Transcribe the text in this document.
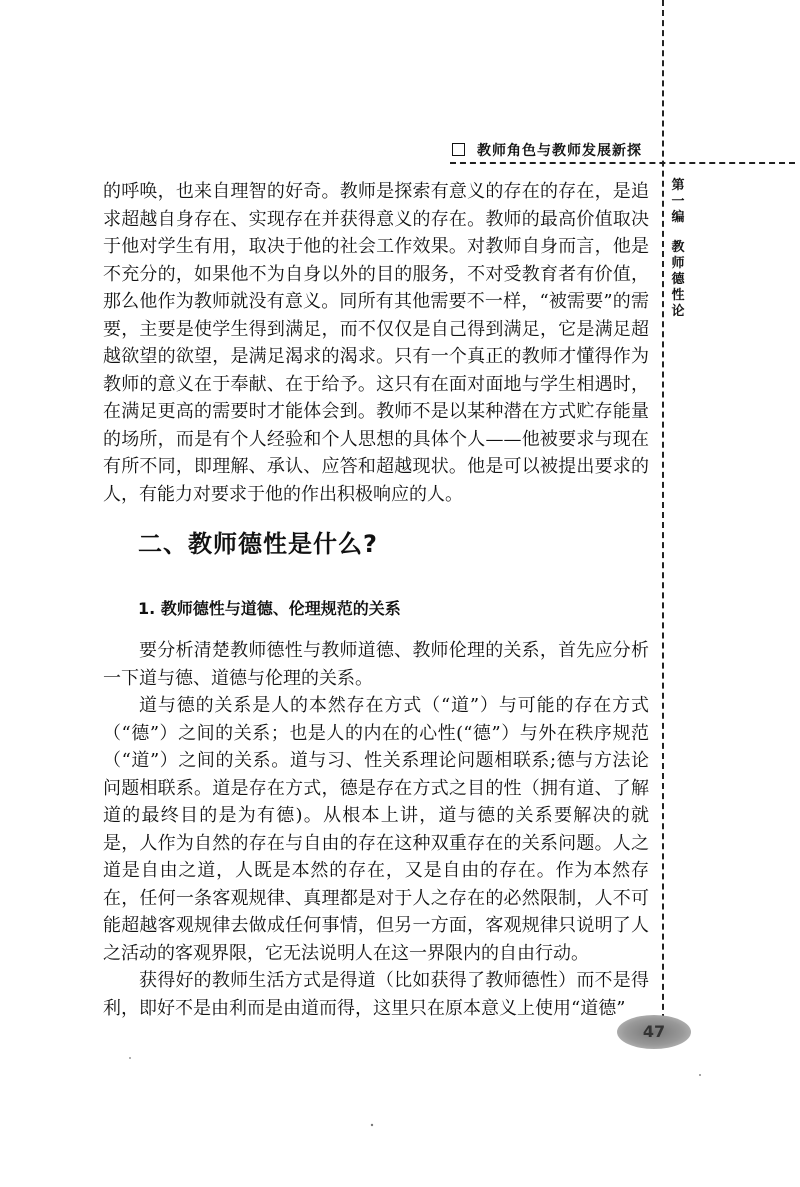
教师角色与教师发展新探
第一编
教师德性论

的呼唤，也来自理智的好奇。教师是探索有意义的存在的存在，是追求超越自身存在、实现存在并获得意义的存在。教师的最高价值取决于他对学生有用，取决于他的社会工作效果。对教师自身而言，他是不充分的，如果他不为自身以外的目的服务，不对受教育者有价值，那么他作为教师就没有意义。同所有其他需要不一样，“被需要”的需要，主要是使学生得到满足，而不仅仅是自己得到满足，它是满足超越欲望的欲望，是满足渴求的渴求。只有一个真正的教师才懂得作为教师的意义在于奉献、在于给予。这只有在面对面地与学生相遇时，在满足更高的需要时才能体会到。教师不是以某种潜在方式贮存能量的场所，而是有个人经验和个人思想的具体个人——他被要求与现在有所不同，即理解、承认、应答和超越现状。他是可以被提出要求的人，有能力对要求于他的作出积极响应的人。

二、教师德性是什么?
1. 教师德性与道德、伦理规范的关系

要分析清楚教师德性与教师道德、教师伦理的关系，首先应分析一下道与德、道德与伦理的关系。

道与德的关系是人的本然存在方式（“道”）与可能的存在方式（“德”）之间的关系；也是人的内在的心性(“德”）与外在秩序规范（“道”）之间的关系。道与习、性关系理论问题相联系;德与方法论问题相联系。道是存在方式，德是存在方式之目的性（拥有道、了解道的最终目的是为有德)。从根本上讲，道与德的关系要解决的就是，人作为自然的存在与自由的存在这种双重存在的关系问题。人之道是自由之道，人既是本然的存在，又是自由的存在。作为本然存在，任何一条客观规律、真理都是对于人之存在的必然限制，人不可能超越客观规律去做成任何事情，但另一方面，客观规律只说明了人之活动的客观界限，它无法说明人在这一界限内的自由行动。

获得好的教师生活方式是得道（比如获得了教师德性）而不是得利，即好不是由利而是由道而得，这里只在原本意义上使用“道德”

47
